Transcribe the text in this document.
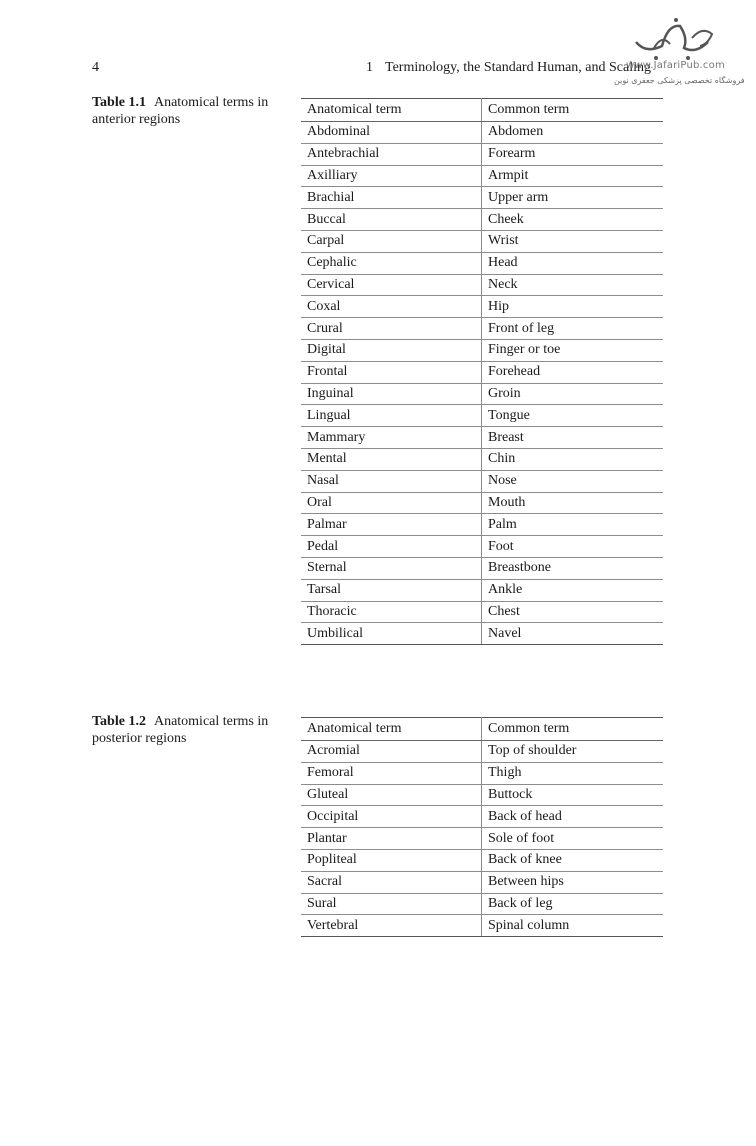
4	1 Terminology, the Standard Human, and Scaling
www.JafariPub.com
فروشگاه تخصصی پزشکی جعفری نوین
Table 1.1 Anatomical terms in anterior regions
Anatomical term	Common term
Abdominal	Abdomen
Antebrachial	Forearm
Axilliary	Armpit
Brachial	Upper arm
Buccal	Cheek
Carpal	Wrist
Cephalic	Head
Cervical	Neck
Coxal	Hip
Crural	Front of leg
Digital	Finger or toe
Frontal	Forehead
Inguinal	Groin
Lingual	Tongue
Mammary	Breast
Mental	Chin
Nasal	Nose
Oral	Mouth
Palmar	Palm
Pedal	Foot
Sternal	Breastbone
Tarsal	Ankle
Thoracic	Chest
Umbilical	Navel
Table 1.2 Anatomical terms in posterior regions
Anatomical term	Common term
Acromial	Top of shoulder
Femoral	Thigh
Gluteal	Buttock
Occipital	Back of head
Plantar	Sole of foot
Popliteal	Back of knee
Sacral	Between hips
Sural	Back of leg
Vertebral	Spinal column
